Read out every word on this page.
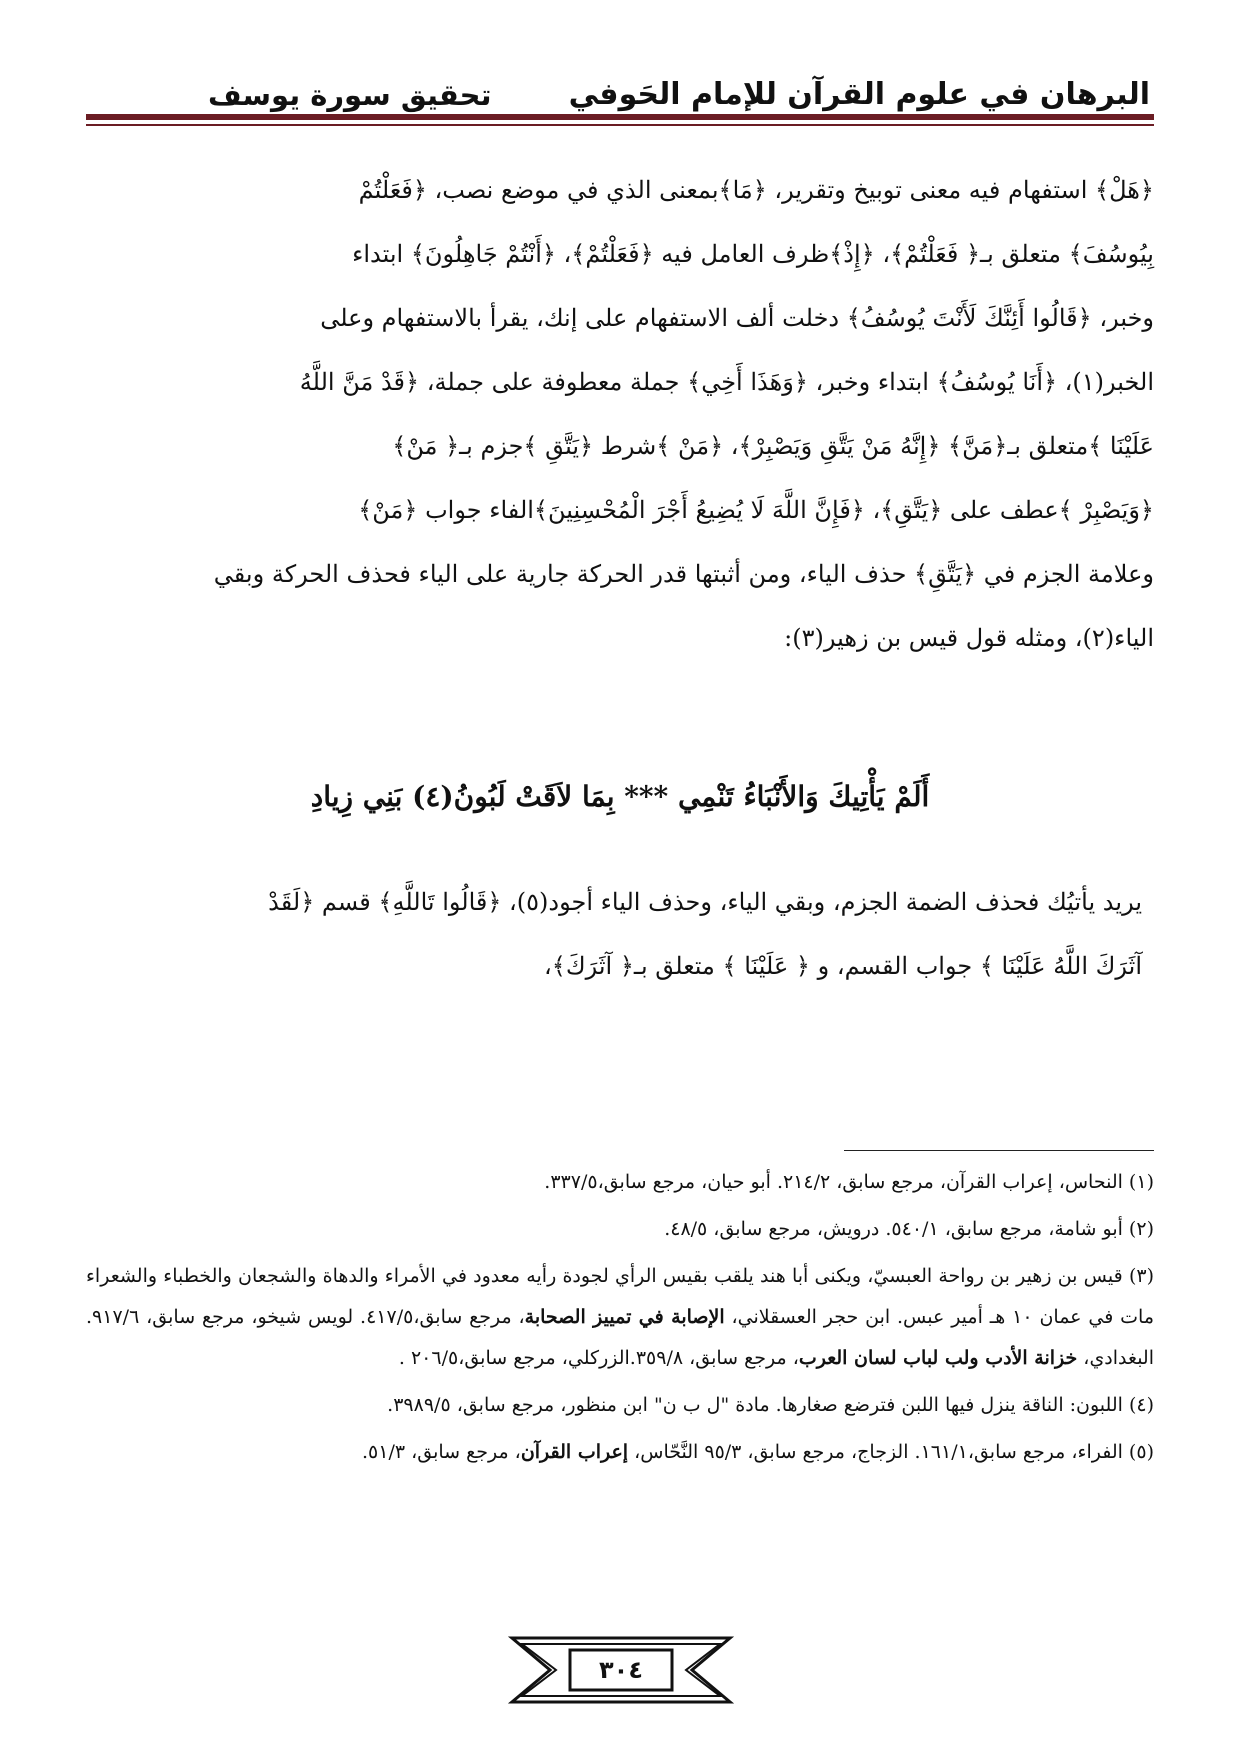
البرهان في علوم القرآن للإمام الحَوفي
تحقيق سورة يوسف

﴿هَلْ﴾ استفهام فيه معنى توبيخ وتقرير، ﴿مَا﴾بمعنى الذي في موضع نصب، ﴿فَعَلْتُمْ

بِيُوسُفَ﴾ متعلق بـ﴿ فَعَلْتُمْ﴾، ﴿إِذْ﴾ظرف العامل فيه ﴿فَعَلْتُمْ﴾، ﴿أَنْتُمْ جَاهِلُونَ﴾ ابتداء

وخبر، ﴿قَالُوا أَئِنَّكَ لَأَنْتَ يُوسُفُ﴾ دخلت ألف الاستفهام على إنك، يقرأ بالاستفهام وعلى

الخبر(١)، ﴿أَنَا يُوسُفُ﴾ ابتداء وخبر، ﴿وَهَذَا أَخِي﴾ جملة معطوفة على جملة، ﴿قَدْ مَنَّ اللَّهُ

عَلَيْنَا ﴾متعلق بـ﴿مَنَّ﴾ ﴿إِنَّهُ مَنْ يَتَّقِ وَيَصْبِرْ﴾، ﴿مَنْ ﴾شرط ﴿يَتَّقِ ﴾جزم بـ﴿ مَنْ﴾

﴿وَيَصْبِرْ ﴾عطف على ﴿يَتَّقِ﴾، ﴿فَإِنَّ اللَّهَ لَا يُضِيعُ أَجْرَ الْمُحْسِنِينَ﴾الفاء جواب ﴿مَنْ﴾

وعلامة الجزم في ﴿يَتَّقِ﴾ حذف الياء، ومن أثبتها قدر الحركة جارية على الياء فحذف الحركة وبقي

الياء(٢)، ومثله قول قيس بن زهير(٣):

أَلَمْ يَأْتِيكَ وَالأَنْبَاءُ تَنْمِي *** بِمَا لاَقَتْ لَبُونُ(٤) بَنِي زِيادِ

يريد يأتيُك فحذف الضمة الجزم، وبقي الياء، وحذف الياء أجود(٥)، ﴿قَالُوا تَاللَّهِ﴾ قسم ﴿لَقَدْ

آثَرَكَ اللَّهُ عَلَيْنَا ﴾ جواب القسم، و ﴿ عَلَيْنَا ﴾ متعلق بـ﴿ آثَرَكَ﴾،

(١) النحاس، إعراب القرآن، مرجع سابق، ٢١٤/٢. أبو حيان، مرجع سابق،٣٣٧/٥.

(٢) أبو شامة، مرجع سابق، ٥٤٠/١. درويش، مرجع سابق، ٤٨/٥.

(٣) قيس بن زهير بن رواحة العبسيّ، ويكنى أبا هند يلقب بقيس الرأي لجودة رأيه معدود في الأمراء والدهاة والشجعان والخطباء والشعراء مات في عمان ١٠ هـ أمير عبس. ابن حجر العسقلاني، الإصابة في تمييز الصحابة، مرجع سابق،٤١٧/٥. لويس شيخو، مرجع سابق، ٩١٧/٦. البغدادي، خزانة الأدب ولب لباب لسان العرب، مرجع سابق، ٣٥٩/٨.الزركلي، مرجع سابق،٢٠٦/٥ .

(٤) اللبون: الناقة ينزل فيها اللبن فترضع صغارها. مادة "ل ب ن" ابن منظور، مرجع سابق، ٣٩٨٩/٥.

(٥) الفراء، مرجع سابق،١٦١/١. الزجاج، مرجع سابق، ٩٥/٣ النَّحّاس، إعراب القرآن، مرجع سابق، ٥١/٣.

٣٠٤
